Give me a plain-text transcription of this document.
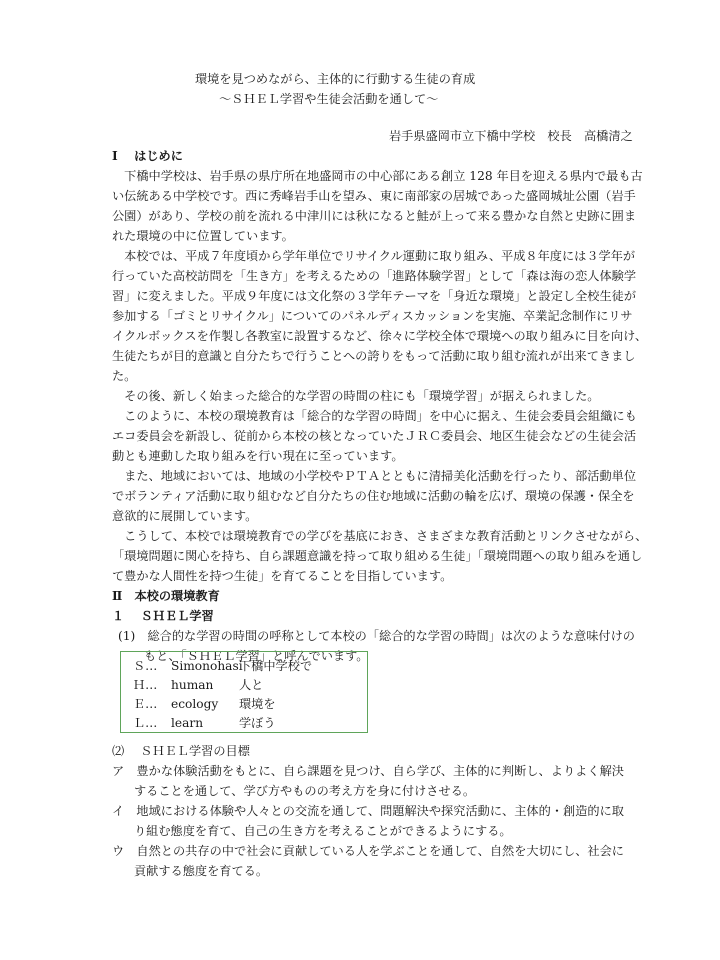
環境を見つめながら、主体的に行動する生徒の育成
～ＳＨＥＬ学習や生徒会活動を通して～
岩手県盛岡市立下橋中学校　校長　高橋清之
Ⅰ　 はじめに
　下橋中学校は、岩手県の県庁所在地盛岡市の中心部にある創立 128 年目を迎える県内で最も古
い伝統ある中学校です。西に秀峰岩手山を望み、東に南部家の居城であった盛岡城址公園（岩手
公園）があり、学校の前を流れる中津川には秋になると鮭が上って来る豊かな自然と史跡に囲ま
れた環境の中に位置しています。
　本校では、平成７年度頃から学年単位でリサイクル運動に取り組み、平成８年度には３学年が
行っていた高校訪問を「生き方」を考えるための「進路体験学習」として「森は海の恋人体験学
習」に変えました。平成９年度には文化祭の３学年テーマを「身近な環境」と設定し全校生徒が
参加する「ゴミとリサイクル」についてのパネルディスカッションを実施、卒業記念制作にリサ
イクルボックスを作製し各教室に設置するなど、徐々に学校全体で環境への取り組みに目を向け、
生徒たちが目的意識と自分たちで行うことへの誇りをもって活動に取り組む流れが出来てきまし
た。
　その後、新しく始まった総合的な学習の時間の柱にも「環境学習」が据えられました。
　このように、本校の環境教育は「総合的な学習の時間」を中心に据え、生徒会委員会組織にも
エコ委員会を新設し、従前から本校の核となっていたＪＲＣ委員会、地区生徒会などの生徒会活
動とも連動した取り組みを行い現在に至っています。
　また、地域においては、地域の小学校やＰＴＡとともに清掃美化活動を行ったり、部活動単位
でボランティア活動に取り組むなど自分たちの住む地域に活動の輪を広げ、環境の保護・保全を
意欲的に展開しています。
　こうして、本校では環境教育での学びを基底におき、さまざまな教育活動とリンクさせながら、
「環境問題に関心を持ち、自ら課題意識を持って取り組める生徒」「環境問題への取り組みを通し
て豊かな人間性を持つ生徒」を育てることを目指しています。
Ⅱ　本校の環境教育
１　 ＳＨＥＬ学習
(1)　総合的な学習の時間の呼称として本校の「総合的な学習の時間」は次のような意味付けの
もと、「ＳＨＥＬ学習」と呼んでいます。
Ｓ… Simonohasi
下橋中学校で
Ｈ… human 人と
Ｅ… ecology 環境を
Ｌ… learn	学ぼう
⑵　 ＳＨＥＬ学習の目標
ア　豊かな体験活動をもとに、自ら課題を見つけ、自ら学び、主体的に判断し、よりよく解決
することを通して、学び方やものの考え方を身に付けさせる。
イ　地域における体験や人々との交流を通して、問題解決や探究活動に、主体的・創造的に取
り組む態度を育て、自己の生き方を考えることができるようにする。
ウ　自然との共存の中で社会に貢献している人を学ぶことを通して、自然を大切にし、社会に
貢献する態度を育てる。
